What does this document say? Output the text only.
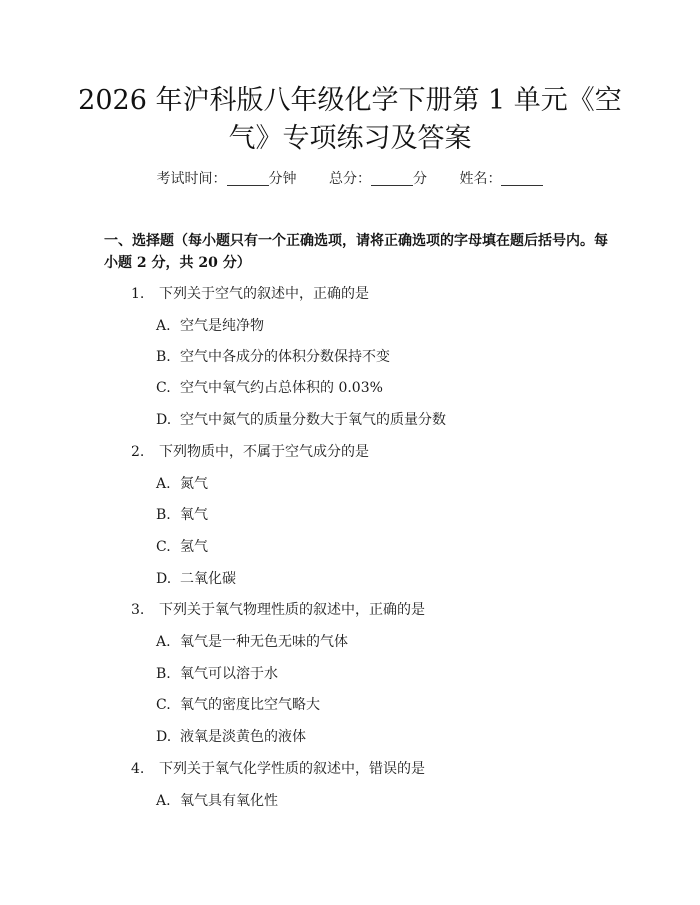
2026 年沪科版八年级化学下册第 1 单元《空
气》专项练习及答案
考试时间：	分钟 总分：	分 姓名：
一、选择题（每小题只有一个正确选项，请将正确选项的字母填在题后括号内。每小题 2 分，共 20 分）
1. 下列关于空气的叙述中，正确的是
A. 空气是纯净物
B. 空气中各成分的体积分数保持不变
C. 空气中氧气约占总体积的 0.03%
D. 空气中氮气的质量分数大于氧气的质量分数
2. 下列物质中，不属于空气成分的是
A. 氮气
B. 氧气
C. 氢气
D. 二氧化碳
3. 下列关于氧气物理性质的叙述中，正确的是
A. 氧气是一种无色无味的气体
B. 氧气可以溶于水
C. 氧气的密度比空气略大
D. 液氧是淡黄色的液体
4. 下列关于氧气化学性质的叙述中，错误的是
A. 氧气具有氧化性
